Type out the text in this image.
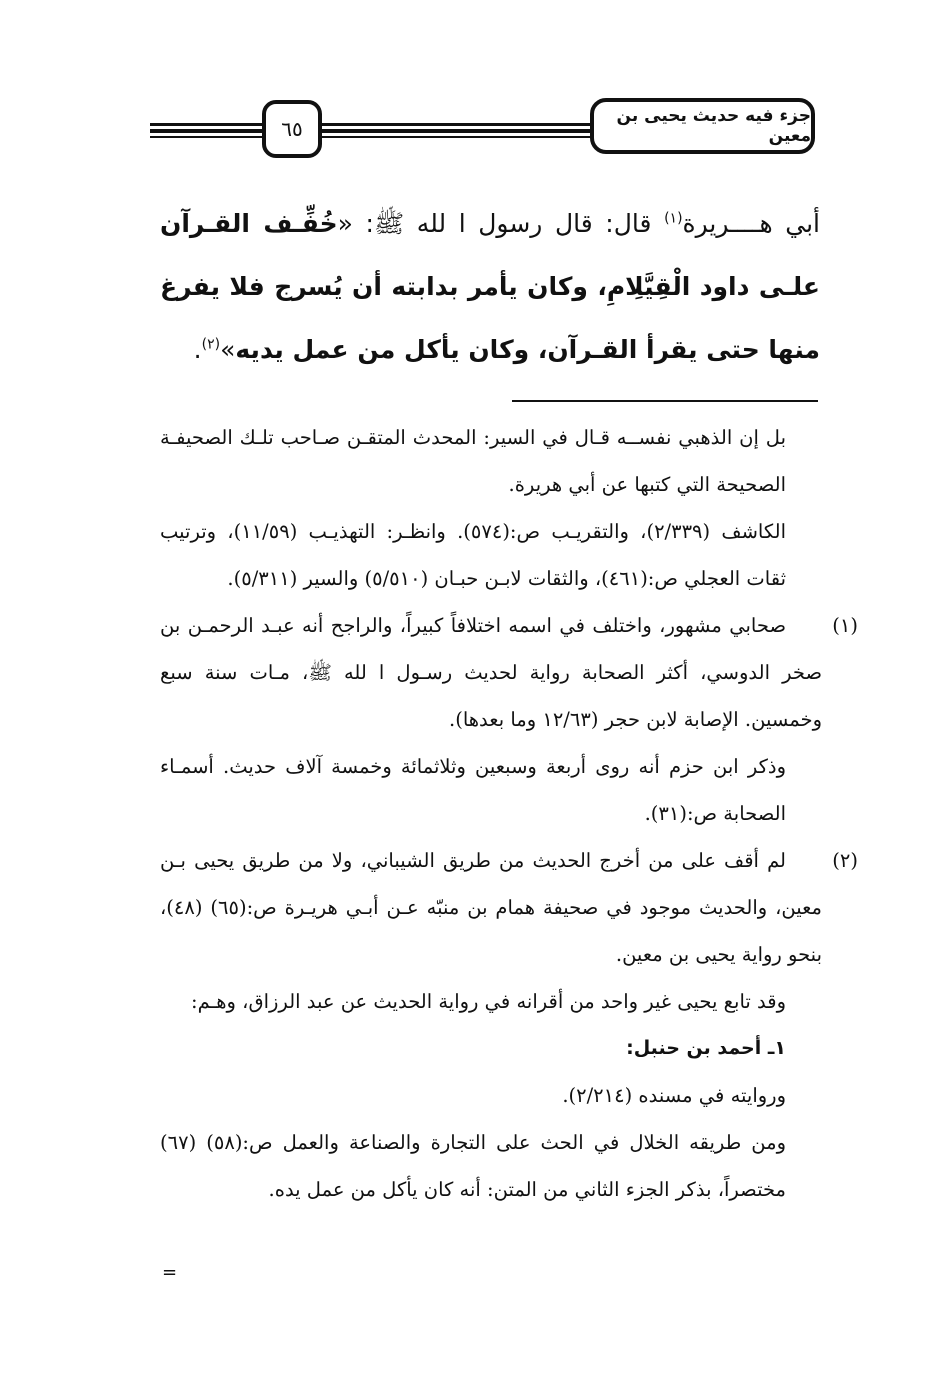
٦٥
جزء فيه حديث يحيى بن معين
أبي هــــريرة$^{(١)}$ قال: قال رسول ا لله ﷺ: «خُفِّـف القـرآن علـى داود الْقِيَّلِامِ، وكان يأمر بدابته أن يُسرج فلا يفرغ منها حتى يقرأ القـرآن، وكان يأكل من عمل يديه»$^{(٢)}$.

بل إن الذهبي نفســه قـال في السير: المحدث المتقـن صـاحب تلـك الصحيفـة الصحيحة التي كتبها عن أبي هريرة.

الكاشف (٢/٣٣٩)، والتقريـب ص:(٥٧٤). وانظـر: التهذيـب (١١/٥٩)، وترتيب ثقات العجلي ص:(٤٦١)، والثقات لابـن حبـان (٥/٥١٠) والسير (٥/٣١١).

(١)صحابي مشهور، واختلف في اسمه اختلافاً كبيراً، والراجح أنه عبـد الرحمـن بن صخر الدوسي، أكثر الصحابة رواية لحديث رسـول ا لله ﷺ، مـات سنة سبع وخمسين. الإصابة لابن حجر (١٢/٦٣ وما بعدها).

وذكر ابن حزم أنه روى أربعة وسبعين وثلاثمائة وخمسة آلاف حديث. أسمـاء الصحابة ص:(٣١).

(٢)لم أقف على من أخرج الحديث من طريق الشيباني، ولا من طريق يحيى بـن معين، والحديث موجود في صحيفة همام بن منبّه عـن أبـي هريـرة ص:(٦٥) (٤٨)، بنحو رواية يحيى بن معين.

وقد تابع يحيى غير واحد من أقرانه في رواية الحديث عن عبد الرزاق، وهـم:

١ـ أحمد بن حنبل:

وروايته في مسنده (٢/٢١٤).

ومن طريقه الخلال في الحث على التجارة والصناعة والعمل ص:(٥٨) (٦٧) مختصراً، بذكر الجزء الثاني من المتن: أنه كان يأكل من عمل يده.

=
